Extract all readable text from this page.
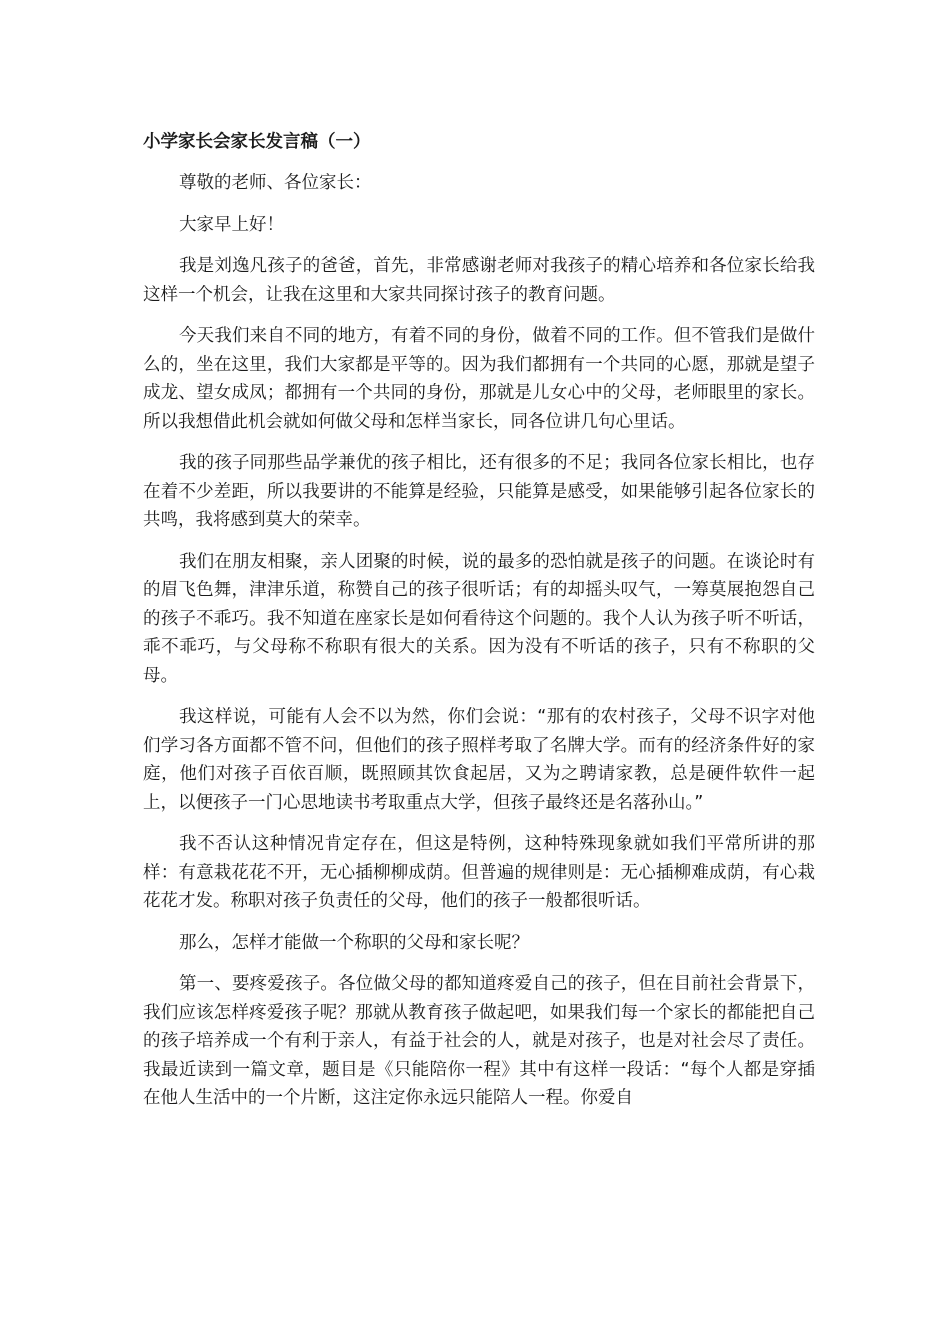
小学家长会家长发言稿（一）

尊敬的老师、各位家长：

大家早上好！

我是刘逸凡孩子的爸爸，首先，非常感谢老师对我孩子的精心培养和各位家长给我这样一个机会，让我在这里和大家共同探讨孩子的教育问题。

今天我们来自不同的地方，有着不同的身份，做着不同的工作。但不管我们是做什么的，坐在这里，我们大家都是平等的。因为我们都拥有一个共同的心愿，那就是望子成龙、望女成凤；都拥有一个共同的身份，那就是儿女心中的父母，老师眼里的家长。所以我想借此机会就如何做父母和怎样当家长，同各位讲几句心里话。

我的孩子同那些品学兼优的孩子相比，还有很多的不足；我同各位家长相比，也存在着不少差距，所以我要讲的不能算是经验，只能算是感受，如果能够引起各位家长的共鸣，我将感到莫大的荣幸。

我们在朋友相聚，亲人团聚的时候，说的最多的恐怕就是孩子的问题。在谈论时有的眉飞色舞，津津乐道，称赞自己的孩子很听话；有的却摇头叹气，一筹莫展抱怨自己的孩子不乖巧。我不知道在座家长是如何看待这个问题的。我个人认为孩子听不听话，乖不乖巧，与父母称不称职有很大的关系。因为没有不听话的孩子，只有不称职的父母。

我这样说，可能有人会不以为然，你们会说：“那有的农村孩子，父母不识字对他们学习各方面都不管不问，但他们的孩子照样考取了名牌大学。而有的经济条件好的家庭，他们对孩子百依百顺，既照顾其饮食起居，又为之聘请家教，总是硬件软件一起上，以便孩子一门心思地读书考取重点大学，但孩子最终还是名落孙山。”

我不否认这种情况肯定存在，但这是特例，这种特殊现象就如我们平常所讲的那样：有意栽花花不开，无心插柳柳成荫。但普遍的规律则是：无心插柳难成荫，有心栽花花才发。称职对孩子负责任的父母，他们的孩子一般都很听话。

那么，怎样才能做一个称职的父母和家长呢？

第一、要疼爱孩子。各位做父母的都知道疼爱自己的孩子，但在目前社会背景下，我们应该怎样疼爱孩子呢？那就从教育孩子做起吧，如果我们每一个家长的都能把自己的孩子培养成一个有利于亲人，有益于社会的人，就是对孩子，也是对社会尽了责任。我最近读到一篇文章，题目是《只能陪你一程》其中有这样一段话：“每个人都是穿插在他人生活中的一个片断，这注定你永远只能陪人一程。你爱自
